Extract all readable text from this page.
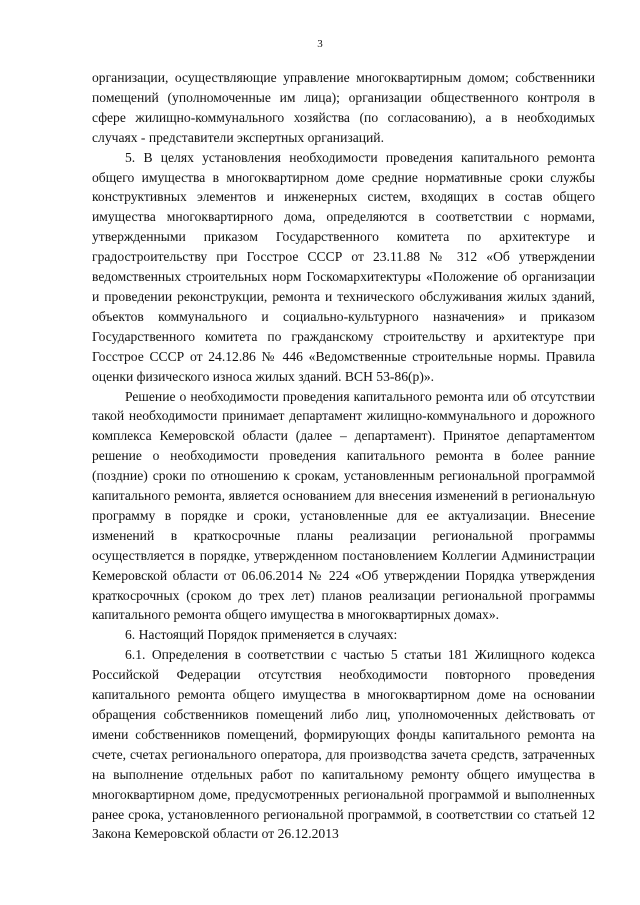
3

организации, осуществляющие управление многоквартирным домом; собственники помещений (уполномоченные им лица); организации общественного контроля в сфере жилищно-коммунального хозяйства (по согласованию), а в необходимых случаях - представители экспертных организаций.

5. В целях установления необходимости проведения капитального ремонта общего имущества в многоквартирном доме средние нормативные сроки службы конструктивных элементов и инженерных систем, входящих в состав общего имущества многоквартирного дома, определяются в соответствии с нормами, утвержденными приказом Государственного комитета по архитектуре и градостроительству при Госстрое СССР от 23.11.88 № 312 «Об утверждении ведомственных строительных норм Госкомархитектуры «Положение об организации и проведении реконструкции, ремонта и технического обслуживания жилых зданий, объектов коммунального и социально-культурного назначения» и приказом Государственного комитета по гражданскому строительству и архитектуре при Госстрое СССР от 24.12.86 № 446 «Ведомственные строительные нормы. Правила оценки физического износа жилых зданий. ВСН 53-86(р)».

Решение о необходимости проведения капитального ремонта или об отсутствии такой необходимости принимает департамент жилищно-коммунального и дорожного комплекса Кемеровской области (далее – департамент). Принятое департаментом решение о необходимости проведения капитального ремонта в более ранние (поздние) сроки по отношению к срокам, установленным региональной программой капитального ремонта, является основанием для внесения изменений в региональную программу в порядке и сроки, установленные для ее актуализации. Внесение изменений в краткосрочные планы реализации региональной программы осуществляется в порядке, утвержденном постановлением Коллегии Администрации Кемеровской области от 06.06.2014 № 224 «Об утверждении Порядка утверждения краткосрочных (сроком до трех лет) планов реализации региональной программы капитального ремонта общего имущества в многоквартирных домах».

6. Настоящий Порядок применяется в случаях:

6.1. Определения в соответствии с частью 5 статьи 181 Жилищного кодекса Российской Федерации отсутствия необходимости повторного проведения капитального ремонта общего имущества в многоквартирном доме на основании обращения собственников помещений либо лиц, уполномоченных действовать от имени собственников помещений, формирующих фонды капитального ремонта на счете, счетах регионального оператора, для производства зачета средств, затраченных на выполнение отдельных работ по капитальному ремонту общего имущества в многоквартирном доме, предусмотренных региональной программой и выполненных ранее срока, установленного региональной программой, в соответствии со статьей 12 Закона Кемеровской области от 26.12.2013
